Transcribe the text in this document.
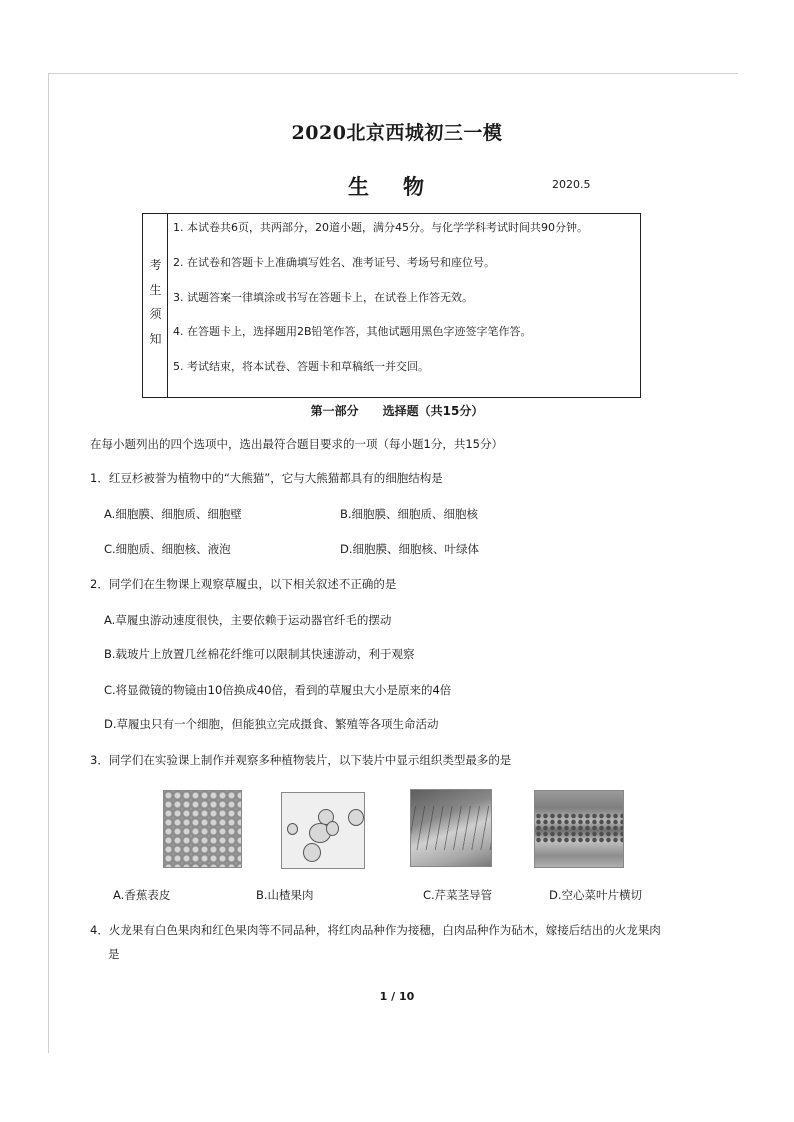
2020北京西城初三一模
生物	2020.5
考
生
须
知
1. 本试卷共6页，共两部分，20道小题，满分45分。与化学学科考试时间共90分钟。
2. 在试卷和答题卡上准确填写姓名、准考证号、考场号和座位号。
3. 试题答案一律填涂或书写在答题卡上，在试卷上作答无效。
4. 在答题卡上，选择题用2B铅笔作答，其他试题用黑色字迹签字笔作答。
5. 考试结束，将本试卷、答题卡和草稿纸一并交回。
第一部分　　选择题（共15分）
在每小题列出的四个选项中，选出最符合题目要求的一项（每小题1分，共15分）
1．红豆杉被誉为植物中的“大熊猫”，它与大熊猫都具有的细胞结构是
A.细胞膜、细胞质、细胞壁	B.细胞膜、细胞质、细胞核
C.细胞质、细胞核、液泡	D.细胞膜、细胞核、叶绿体
2．同学们在生物课上观察草履虫，以下相关叙述不正确的是
A.草履虫游动速度很快，主要依赖于运动器官纤毛的摆动
B.载玻片上放置几丝棉花纤维可以限制其快速游动，利于观察
C.将显微镜的物镜由10倍换成40倍，看到的草履虫大小是原来的4倍
D.草履虫只有一个细胞，但能独立完成摄食、繁殖等各项生命活动
3．同学们在实验课上制作并观察多种植物装片，以下装片中显示组织类型最多的是
A.香蕉表皮	B.山楂果肉	C.芹菜茎导管	D.空心菜叶片横切
4．火龙果有白色果肉和红色果肉等不同品种，将红肉品种作为接穗，白肉品种作为砧木，嫁接后结出的火龙果肉
是
1 / 10
